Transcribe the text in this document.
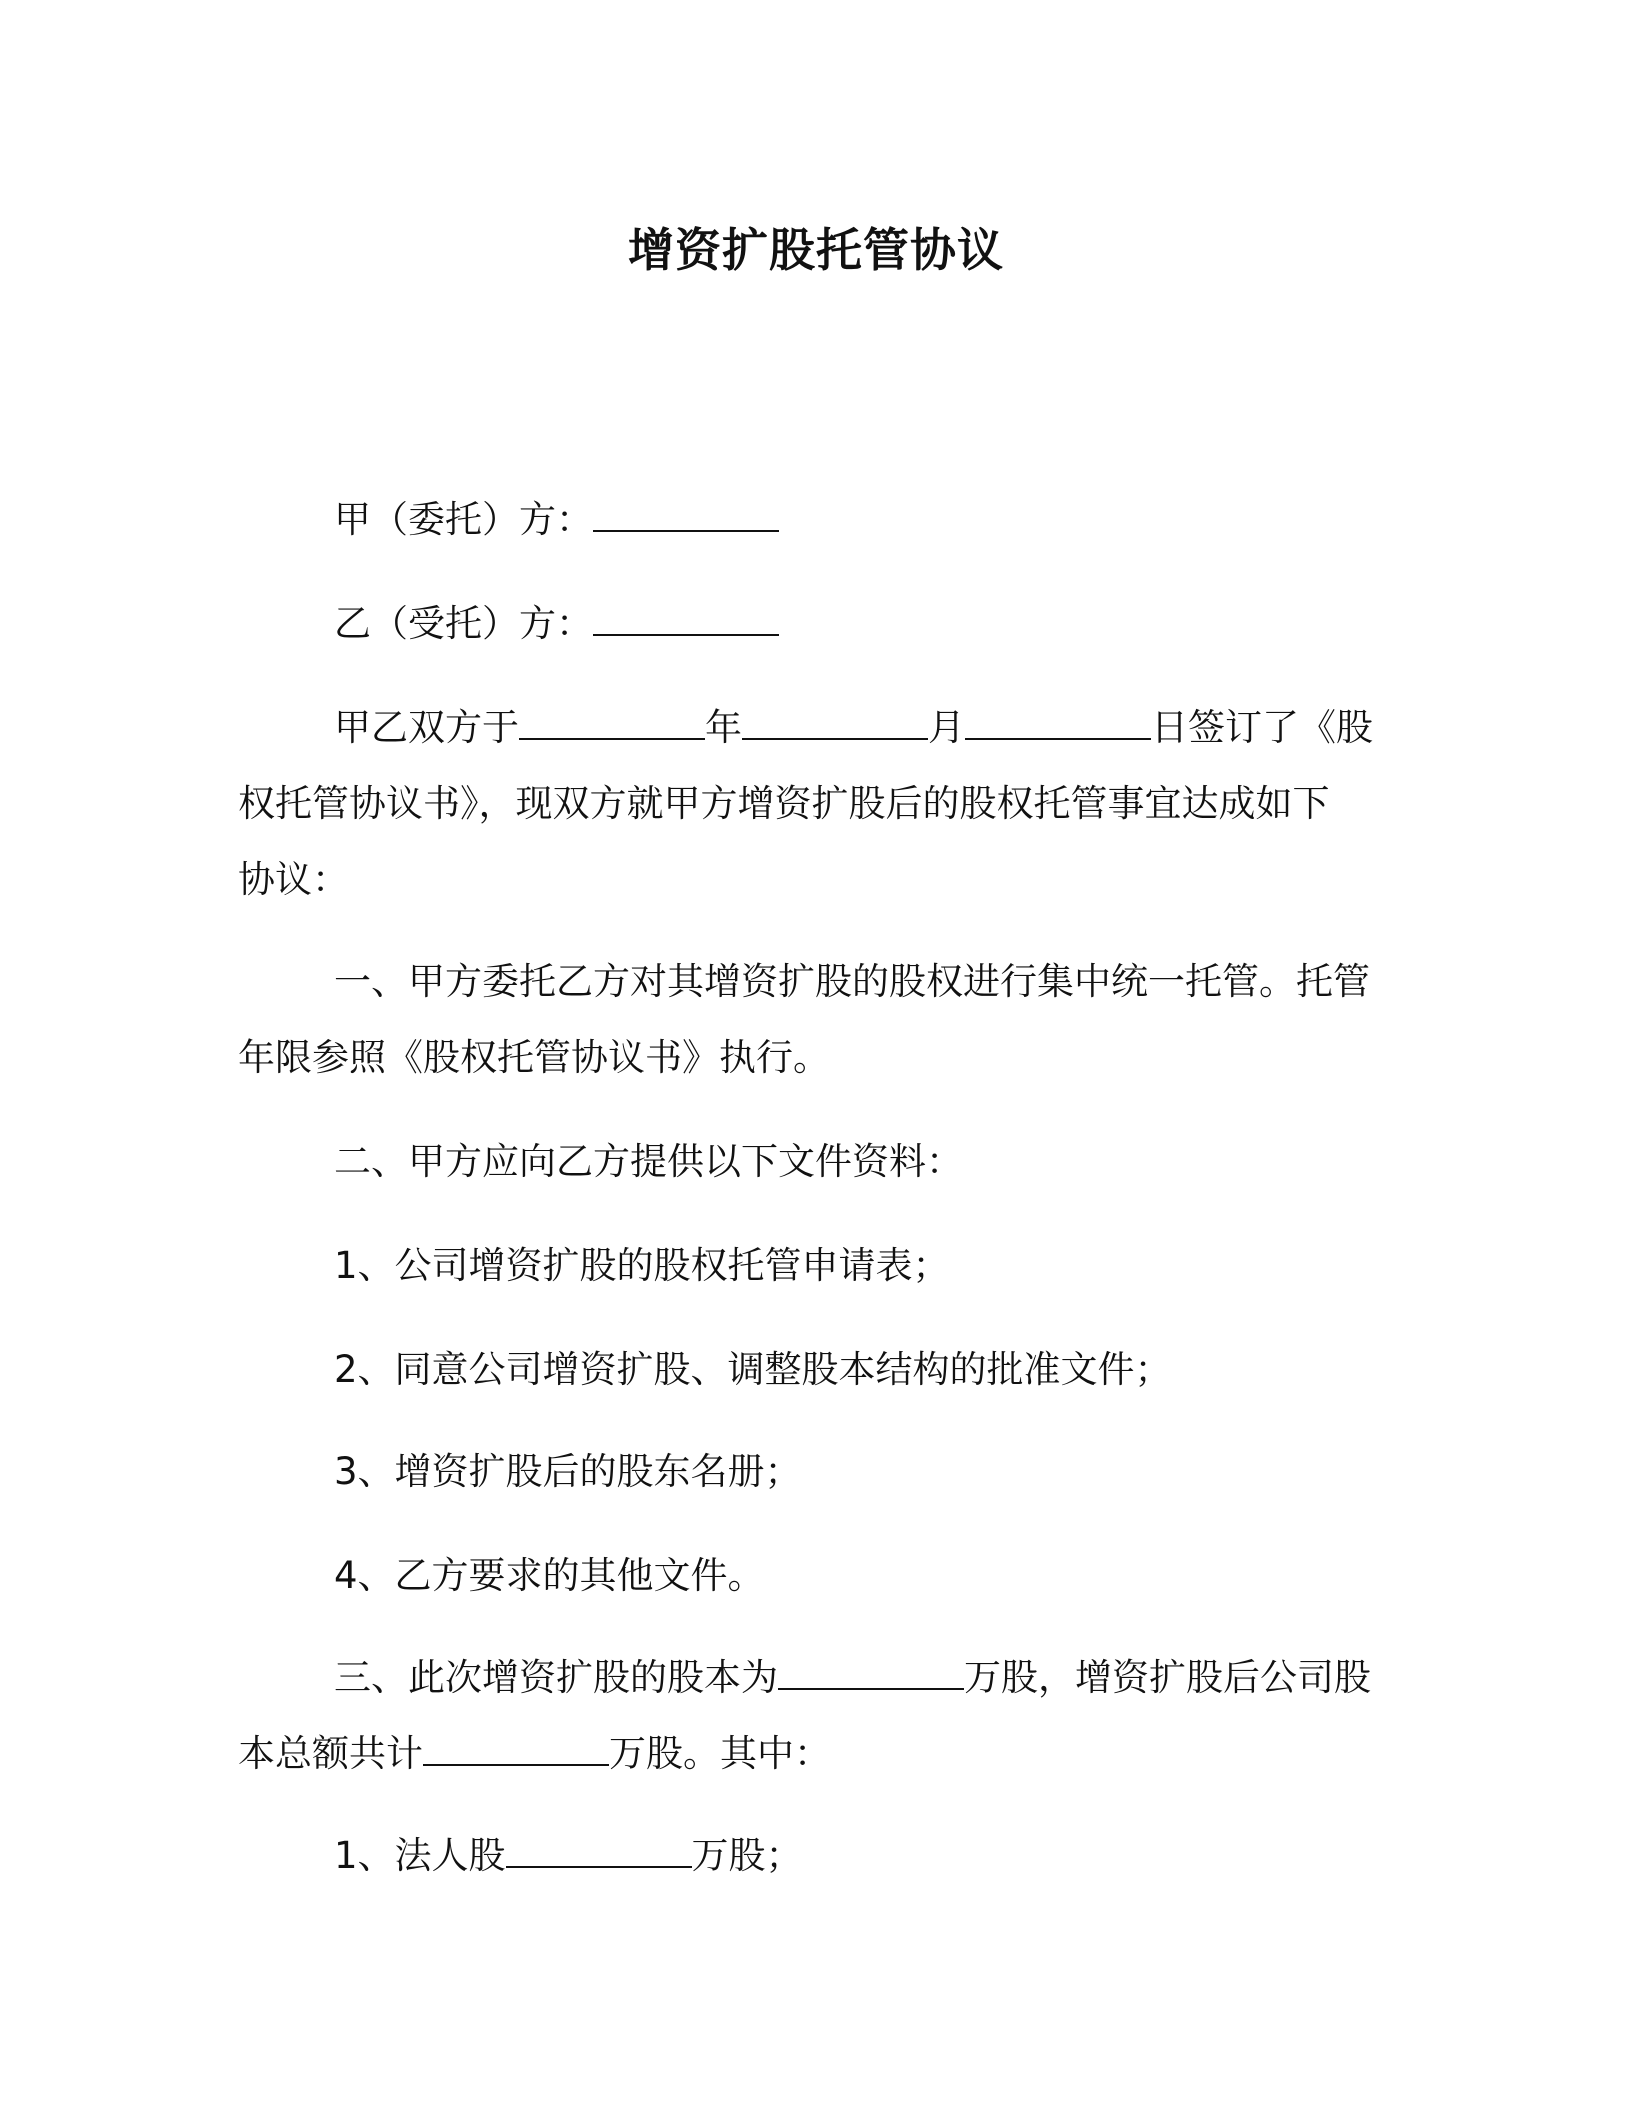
增资扩股托管协议
甲（委托）方：
乙（受托）方：
甲乙双方于	年	月	日签订了《股
权托管协议书》，现双方就甲方增资扩股后的股权托管事宜达成如下
协议：
一、甲方委托乙方对其增资扩股的股权进行集中统一托管。托管
年限参照《股权托管协议书》执行。
二、甲方应向乙方提供以下文件资料：
1、公司增资扩股的股权托管申请表；
2、同意公司增资扩股、调整股本结构的批准文件；
3、增资扩股后的股东名册；
4、乙方要求的其他文件。
三、此次增资扩股的股本为	万股，增资扩股后公司股
本总额共计	万股。其中：
1、法人股	万股；
